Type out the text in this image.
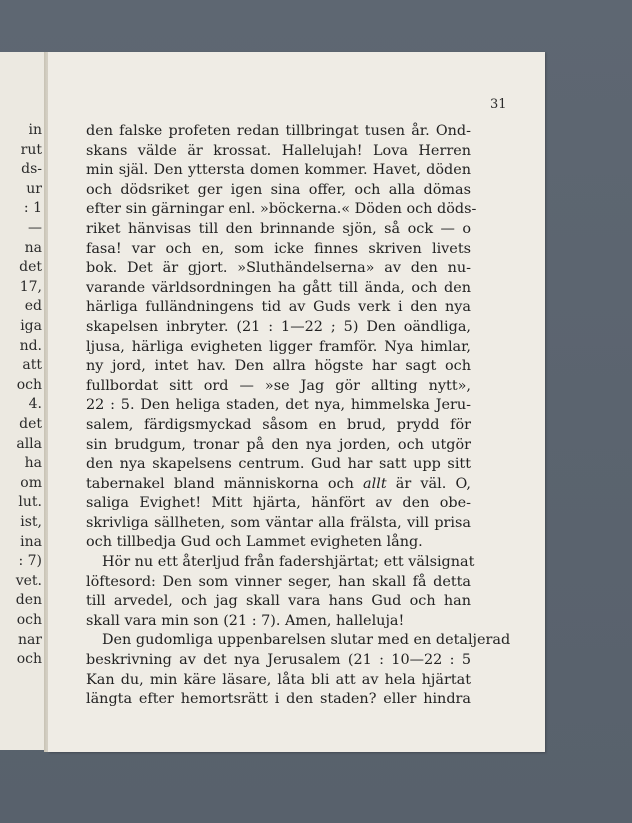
in
rut
ds-
ur
: 1
—
na
det
17,
ed
iga
nd.
att
och
4.
det
alla
ha
om
lut.
ist,
ina
: 7)
vet.
den
och
nar
och
31
den falske profeten redan tillbringat tusen år. Ond-
skans välde är krossat. Hallelujah! Lova Herren
min själ. Den yttersta domen kommer. Havet, döden
och dödsriket ger igen sina offer, och alla dömas
efter sin gärningar enl. »böckerna.« Döden och döds-
riket hänvisas till den brinnande sjön, så ock — o
fasa! var och en, som icke finnes skriven livets
bok. Det är gjort. »Sluthändelserna» av den nu-
varande världsordningen ha gått till ända, och den
härliga fulländningens tid av Guds verk i den nya
skapelsen inbryter. (21 : 1—22 ; 5) Den oändliga,
ljusa, härliga evigheten ligger framför. Nya himlar,
ny jord, intet hav. Den allra högste har sagt och
fullbordat sitt ord — »se Jag gör allting nytt»,
22 : 5. Den heliga staden, det nya, himmelska Jeru-
salem, färdigsmyckad såsom en brud, prydd för
sin brudgum, tronar på den nya jorden, och utgör
den nya skapelsens centrum. Gud har satt upp sitt
tabernakel bland människorna och allt är väl. O,
saliga Evighet! Mitt hjärta, hänfört av den obe-
skrivliga sällheten, som väntar alla frälsta, vill prisa
och tillbedja Gud och Lammet evigheten lång.
Hör nu ett återljud från fadershjärtat; ett välsignat
löftesord: Den som vinner seger, han skall få detta
till arvedel, och jag skall vara hans Gud och han
skall vara min son (21 : 7). Amen, halleluja!
Den gudomliga uppenbarelsen slutar med en detaljerad
beskrivning av det nya Jerusalem (21 : 10—22 : 5
Kan du, min käre läsare, låta bli att av hela hjärtat
längta efter hemortsrätt i den staden? eller hindra
